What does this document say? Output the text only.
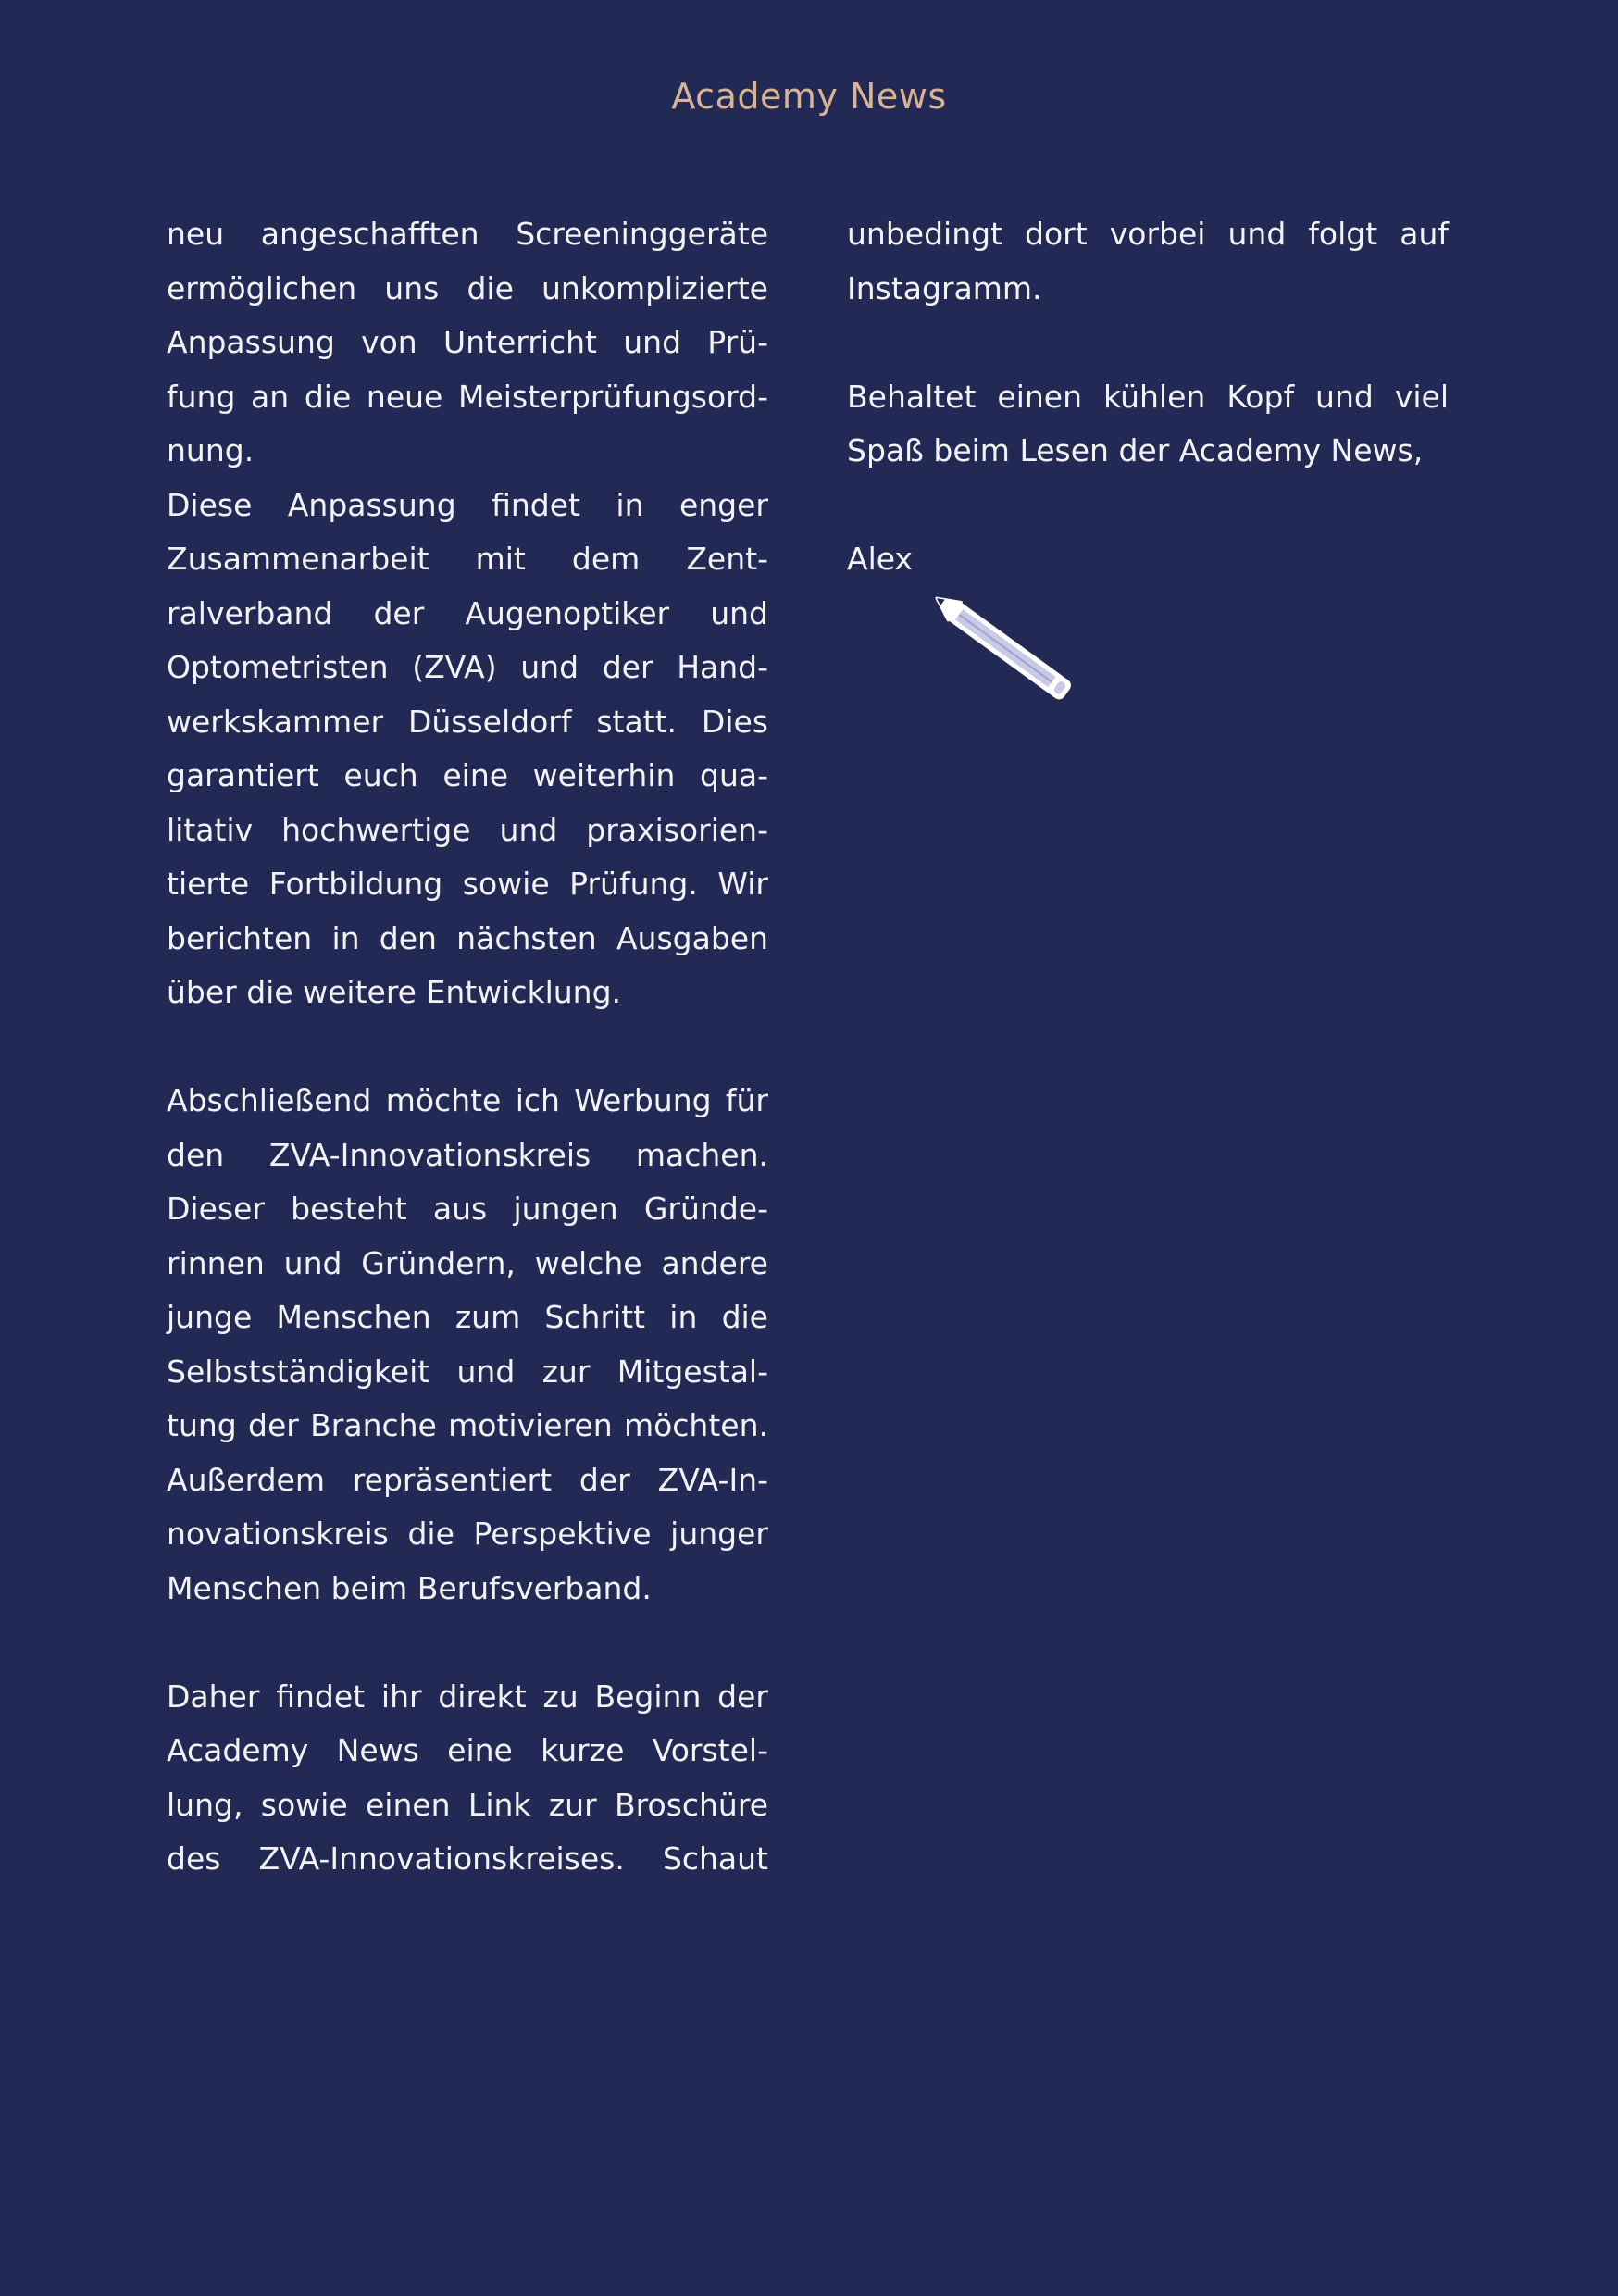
Academy News
neu angeschafften Screeninggeräte
ermöglichen uns die unkomplizierte
Anpassung von Unterricht und Prü-
fung an die neue Meisterprüfungsord-
nung.
Diese Anpassung findet in enger
Zusammenarbeit mit dem Zent-
ralverband der Augenoptiker und
Optometristen (ZVA) und der Hand-
werkskammer Düsseldorf statt. Dies
garantiert euch eine weiterhin qua-
litativ hochwertige und praxisorien-
tierte Fortbildung sowie Prüfung. Wir
berichten in den nächsten Ausgaben
über die weitere Entwicklung.
Abschließend möchte ich Werbung für
den ZVA-Innovationskreis machen.
Dieser besteht aus jungen Gründe-
rinnen und Gründern, welche andere
junge Menschen zum Schritt in die
Selbstständigkeit und zur Mitgestal-
tung der Branche motivieren möchten.
Außerdem repräsentiert der ZVA-In-
novationskreis die Perspektive junger
Menschen beim Berufsverband.
Daher findet ihr direkt zu Beginn der
Academy News eine kurze Vorstel-
lung, sowie einen Link zur Broschüre
des ZVA-Innovationskreises. Schaut
unbedingt dort vorbei und folgt auf
Instagramm.
Behaltet einen kühlen Kopf und viel
Spaß beim Lesen der Academy News,
Alex
